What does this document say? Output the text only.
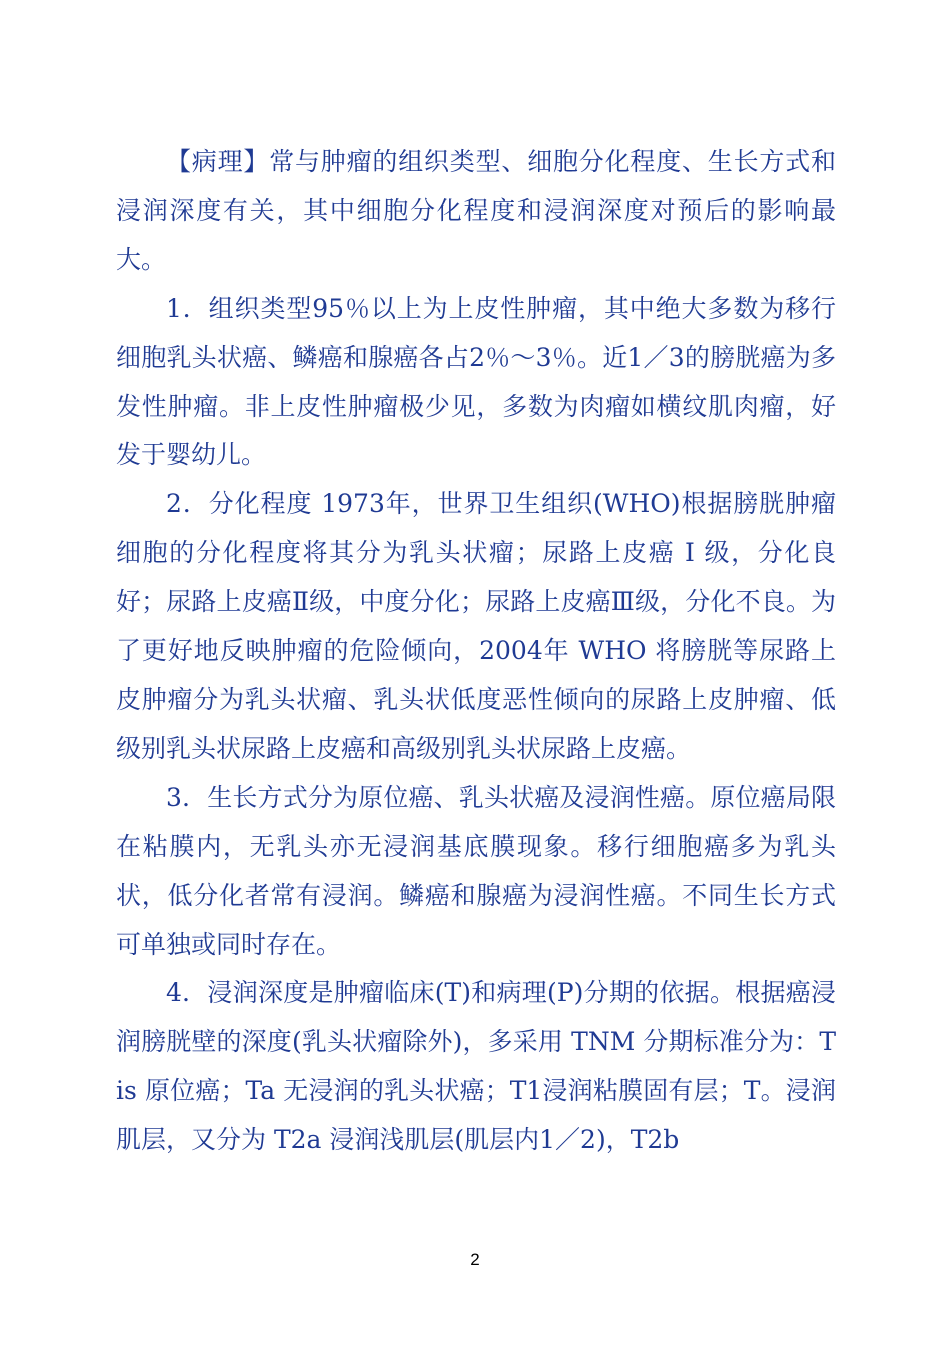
【病理】常与肿瘤的组织类型、细胞分化程度、生长方式和浸润深度有关，其中细胞分化程度和浸润深度对预后的影响最大。

1．组织类型95％以上为上皮性肿瘤，其中绝大多数为移行细胞乳头状癌、鳞癌和腺癌各占2％～3％。近1／3的膀胱癌为多发性肿瘤。非上皮性肿瘤极少见，多数为肉瘤如横纹肌肉瘤，好发于婴幼儿。

2．分化程度 1973年，世界卫生组织(WHO)根据膀胱肿瘤细胞的分化程度将其分为乳头状瘤；尿路上皮癌 I 级，分化良好；尿路上皮癌Ⅱ级，中度分化；尿路上皮癌Ⅲ级，分化不良。为了更好地反映肿瘤的危险倾向，2004年 WHO 将膀胱等尿路上皮肿瘤分为乳头状瘤、乳头状低度恶性倾向的尿路上皮肿瘤、低级别乳头状尿路上皮癌和高级别乳头状尿路上皮癌。

3．生长方式分为原位癌、乳头状癌及浸润性癌。原位癌局限在粘膜内，无乳头亦无浸润基底膜现象。移行细胞癌多为乳头状，低分化者常有浸润。鳞癌和腺癌为浸润性癌。不同生长方式可单独或同时存在。

4．浸润深度是肿瘤临床(T)和病理(P)分期的依据。根据癌浸润膀胱壁的深度(乳头状瘤除外)，多采用 TNM 分期标准分为：Tis 原位癌；Ta 无浸润的乳头状癌；T1浸润粘膜固有层；T。浸润肌层，又分为 T2a 浸润浅肌层(肌层内1／2)，T2b

2
